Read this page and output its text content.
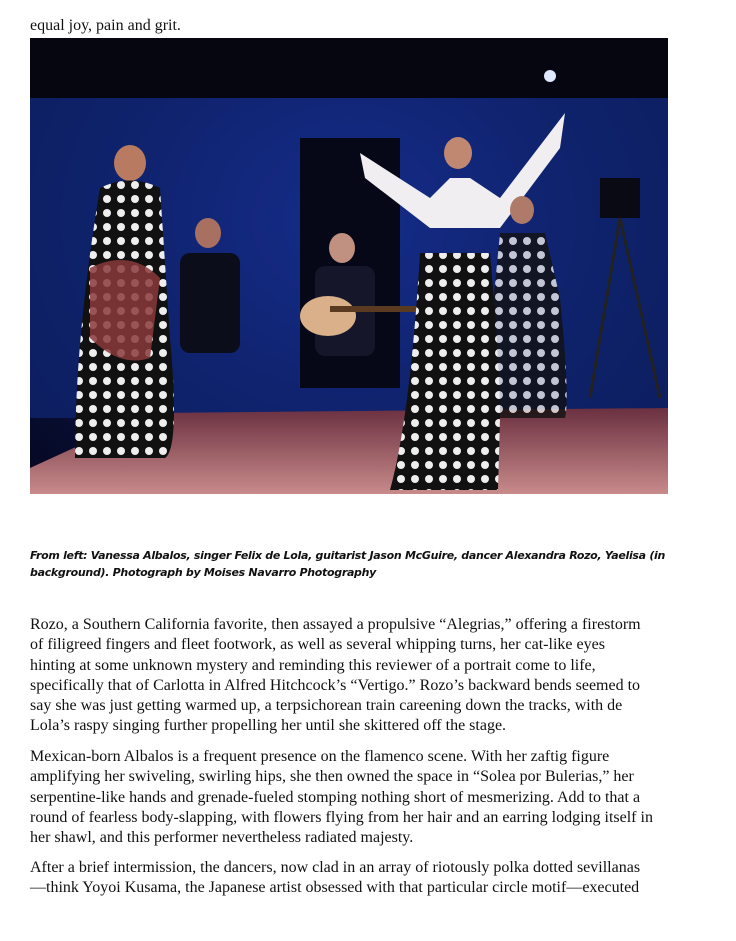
equal joy, pain and grit.
From left: Vanessa Albalos, singer Felix de Lola, guitarist Jason McGuire, dancer Alexandra Rozo, Yaelisa (in
background). Photograph by Moises Navarro Photography
Rozo, a Southern California favorite, then assayed a propulsive “Alegrias,” offering a firestorm
of filigreed fingers and fleet footwork, as well as several whipping turns, her cat-like eyes
hinting at some unknown mystery and reminding this reviewer of a portrait come to life,
specifically that of Carlotta in Alfred Hitchcock’s “Vertigo.” Rozo’s backward bends seemed to
say she was just getting warmed up, a terpsichorean train careening down the tracks, with de
Lola’s raspy singing further propelling her until she skittered off the stage.
Mexican-born Albalos is a frequent presence on the flamenco scene. With her zaftig figure
amplifying her swiveling, swirling hips, she then owned the space in “Solea por Bulerias,” her
serpentine-like hands and grenade-fueled stomping nothing short of mesmerizing. Add to that a
round of fearless body-slapping, with flowers flying from her hair and an earring lodging itself in
her shawl, and this performer nevertheless radiated majesty.
After a brief intermission, the dancers, now clad in an array of riotously polka dotted sevillanas
—think Yoyoi Kusama, the Japanese artist obsessed with that particular circle motif—executed
